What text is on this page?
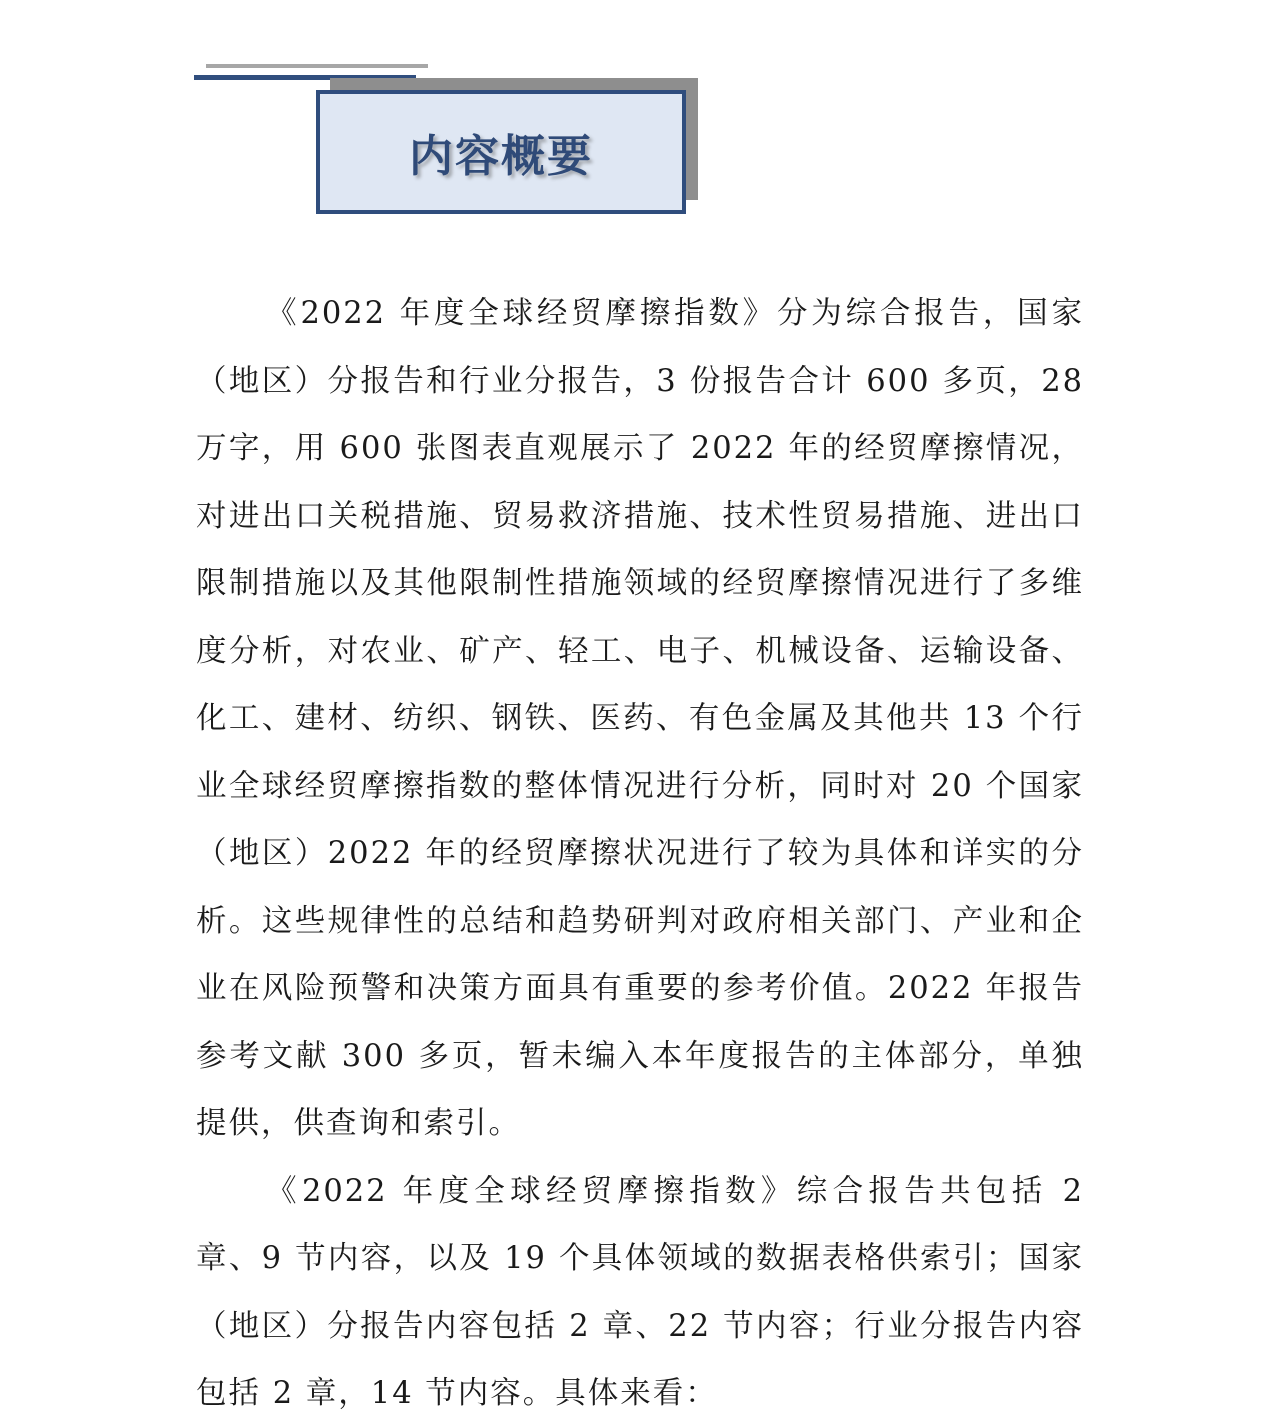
内容概要

《2022 年度全球经贸摩擦指数》分为综合报告，国家（地区）分报告和行业分报告，3 份报告合计 600 多页，28 万字，用 600 张图表直观展示了 2022 年的经贸摩擦情况，对进出口关税措施、贸易救济措施、技术性贸易措施、进出口限制措施以及其他限制性措施领域的经贸摩擦情况进行了多维度分析，对农业、矿产、轻工、电子、机械设备、运输设备、化工、建材、纺织、钢铁、医药、有色金属及其他共 13 个行业全球经贸摩擦指数的整体情况进行分析，同时对 20 个国家（地区）2022 年的经贸摩擦状况进行了较为具体和详实的分析。这些规律性的总结和趋势研判对政府相关部门、产业和企业在风险预警和决策方面具有重要的参考价值。2022 年报告参考文献 300 多页，暂未编入本年度报告的主体部分，单独提供，供查询和索引。

《2022 年度全球经贸摩擦指数》综合报告共包括 2 章、9 节内容，以及 19 个具体领域的数据表格供索引；国家（地区）分报告内容包括 2 章、22 节内容；行业分报告内容包括 2 章，14 节内容。具体来看：
